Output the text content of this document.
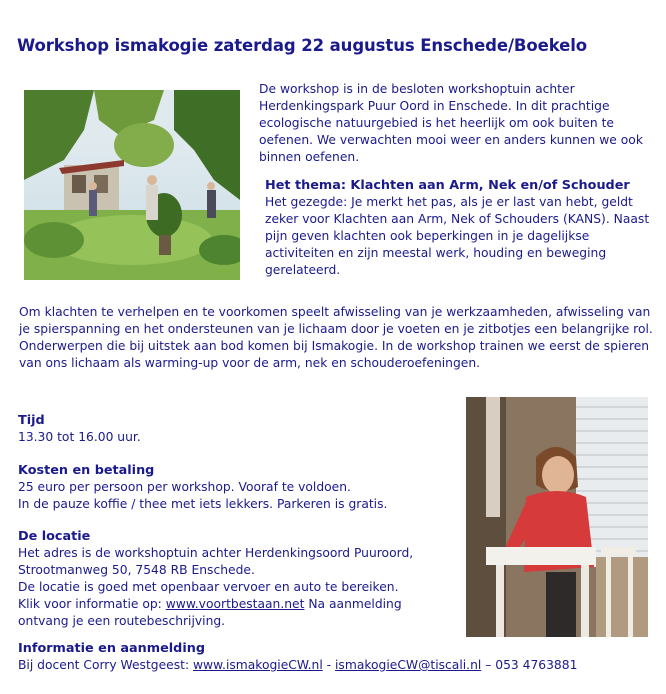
Workshop ismakogie zaterdag 22 augustus Enschede/Boekelo
De workshop is in de besloten workshoptuin achter Herdenkingspark Puur Oord in Enschede. In dit prachtige ecologische natuurgebied is het heerlijk om ook buiten te oefenen. We verwachten mooi weer en anders kunnen we ook binnen oefenen.
Het thema: Klachten aan Arm, Nek en/of Schouder
Het gezegde: Je merkt het pas, als je er last van hebt, geldt zeker voor Klachten aan Arm, Nek of Schouders (KANS). Naast pijn geven klachten ook beperkingen in je dagelijkse activiteiten en zijn meestal werk, houding en beweging gerelateerd.
Om klachten te verhelpen en te voorkomen speelt afwisseling van je werkzaamheden, afwisseling van je spierspanning en het ondersteunen van je lichaam door je voeten en je zitbotjes een belangrijke rol. Onderwerpen die bij uitstek aan bod komen bij Ismakogie. In de workshop trainen we eerst de spieren van ons lichaam als warming-up voor de arm, nek en schouderoefeningen.
Tijd
13.30 tot 16.00 uur.
Kosten en betaling
25 euro per persoon per workshop. Vooraf te voldoen.
In de pauze koffie / thee met iets lekkers. Parkeren is gratis.
De locatie
Het adres is de workshoptuin achter Herdenkingsoord Puuroord,
Strootmanweg 50, 7548 RB Enschede.
De locatie is goed met openbaar vervoer en auto te bereiken.
Klik voor informatie op: www.voortbestaan.net Na aanmelding
ontvang je een routebeschrijving.
Informatie en aanmelding
Bij docent Corry Westgeest: www.ismakogieCW.nl - ismakogieCW@tiscali.nl – 053 4763881
